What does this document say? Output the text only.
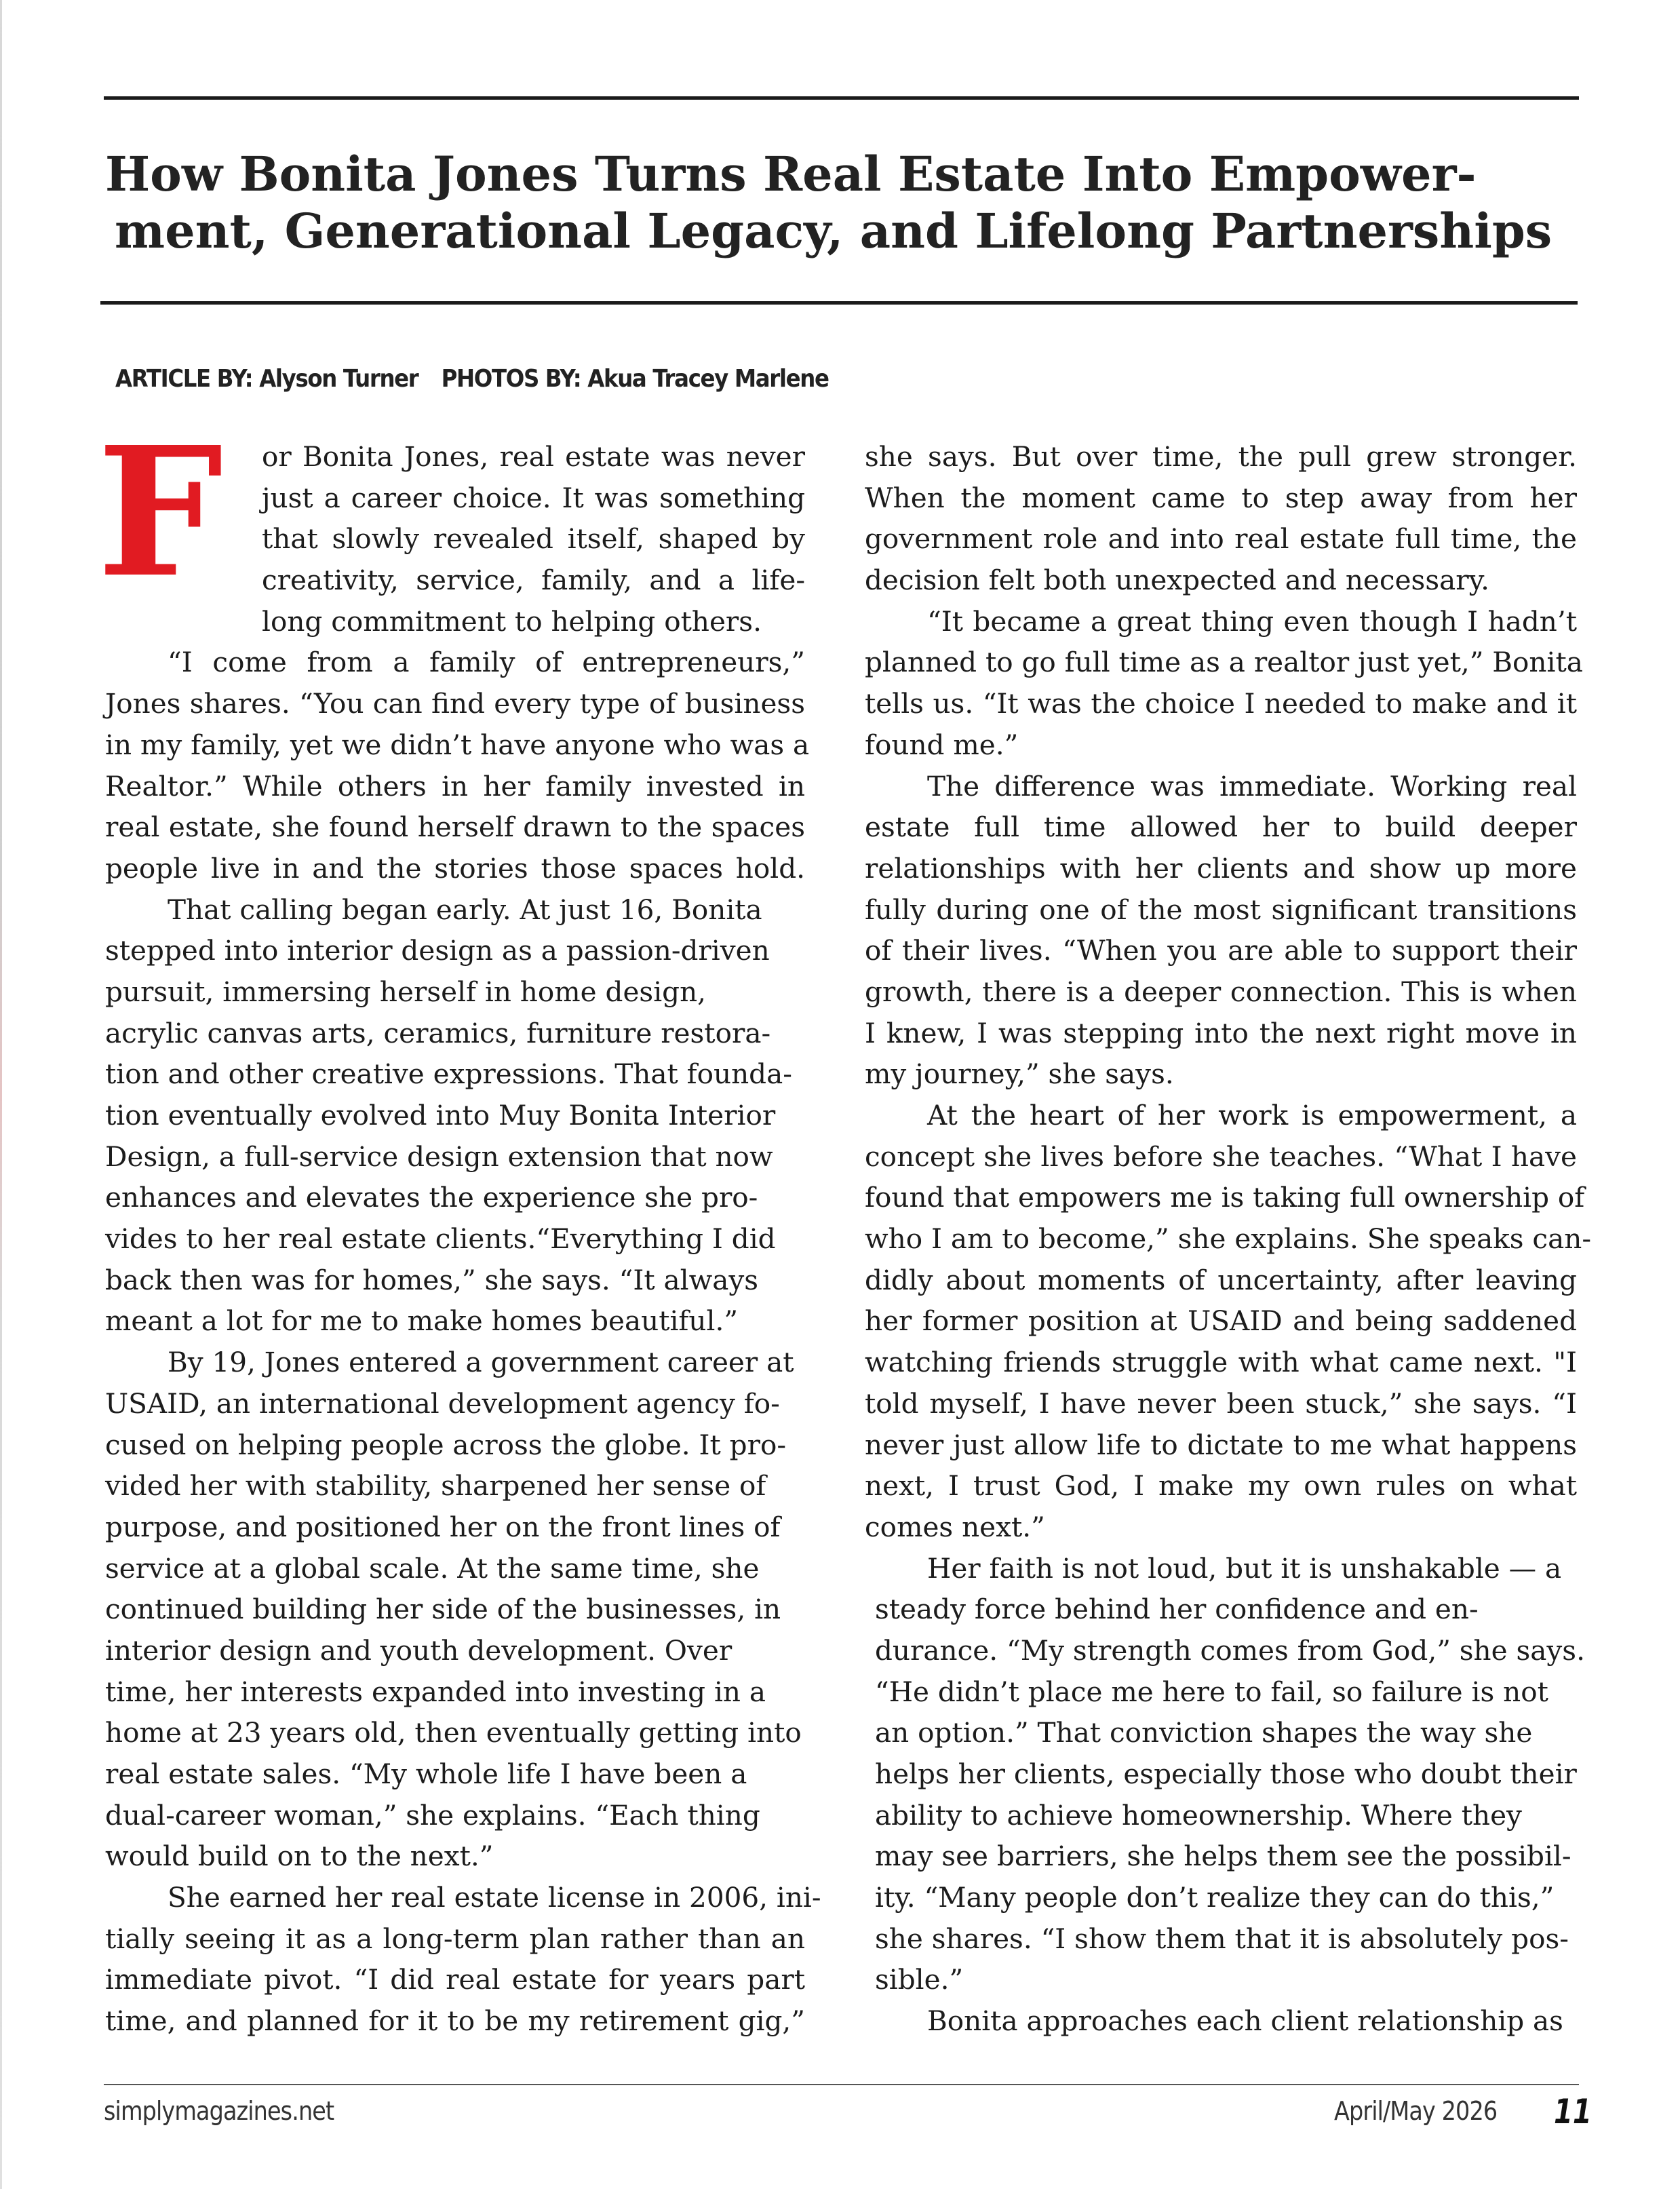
How Bonita Jones Turns Real Estate Into Empower-
ment, Generational Legacy, and Lifelong Partnerships
ARTICLE BY: Alyson Turner PHOTOS BY: Akua Tracey Marlene
F	or Bonita Jones, real estate was never
just a career choice. It was something
that slowly revealed itself, shaped by
creativity, service, family, and a life-
long commitment to helping others.
“I come from a family of entrepreneurs,”
Jones shares. “You can find every type of business
in my family, yet we didn’t have anyone who was a
Realtor.” While others in her family invested in
real estate, she found herself drawn to the spaces
people live in and the stories those spaces hold.
That calling began early. At just 16, Bonita
stepped into interior design as a passion-driven
pursuit, immersing herself in home design,
acrylic canvas arts, ceramics, furniture restora-
tion and other creative expressions. That founda-
tion eventually evolved into Muy Bonita Interior
Design, a full-service design extension that now
enhances and elevates the experience she pro-
vides to her real estate clients.“Everything I did
back then was for homes,” she says. “It always
meant a lot for me to make homes beautiful.”
By 19, Jones entered a government career at
USAID, an international development agency fo-
cused on helping people across the globe. It pro-
vided her with stability, sharpened her sense of
purpose, and positioned her on the front lines of
service at a global scale. At the same time, she
continued building her side of the businesses, in
interior design and youth development. Over
time, her interests expanded into investing in a
home at 23 years old, then eventually getting into
real estate sales. “My whole life I have been a
dual-career woman,” she explains. “Each thing
would build on to the next.”
She earned her real estate license in 2006, ini-
tially seeing it as a long-term plan rather than an
immediate pivot. “I did real estate for years part
time, and planned for it to be my retirement gig,”
she says. But over time, the pull grew stronger.
When the moment came to step away from her
government role and into real estate full time, the
decision felt both unexpected and necessary.
“It became a great thing even though I hadn’t
planned to go full time as a realtor just yet,” Bonita
tells us. “It was the choice I needed to make and it
found me.”
The difference was immediate. Working real
estate full time allowed her to build deeper
relationships with her clients and show up more
fully during one of the most significant transitions
of their lives. “When you are able to support their
growth, there is a deeper connection. This is when
I knew, I was stepping into the next right move in
my journey,” she says.
At the heart of her work is empowerment, a
concept she lives before she teaches. “What I have
found that empowers me is taking full ownership of
who I am to become,” she explains. She speaks can-
didly about moments of uncertainty, after leaving
her former position at USAID and being saddened
watching friends struggle with what came next. "I
told myself, I have never been stuck,” she says. “I
never just allow life to dictate to me what happens
next, I trust God, I make my own rules on what
comes next.”
Her faith is not loud, but it is unshakable — a
steady force behind her confidence and en-
durance. “My strength comes from God,” she says.
“He didn’t place me here to fail, so failure is not
an option.” That conviction shapes the way she
helps her clients, especially those who doubt their
ability to achieve homeownership. Where they
may see barriers, she helps them see the possibil-
ity. “Many people don’t realize they can do this,”
she shares. “I show them that it is absolutely pos-
sible.”
Bonita approaches each client relationship as
simplymagazines.net	April/May 2026 11
